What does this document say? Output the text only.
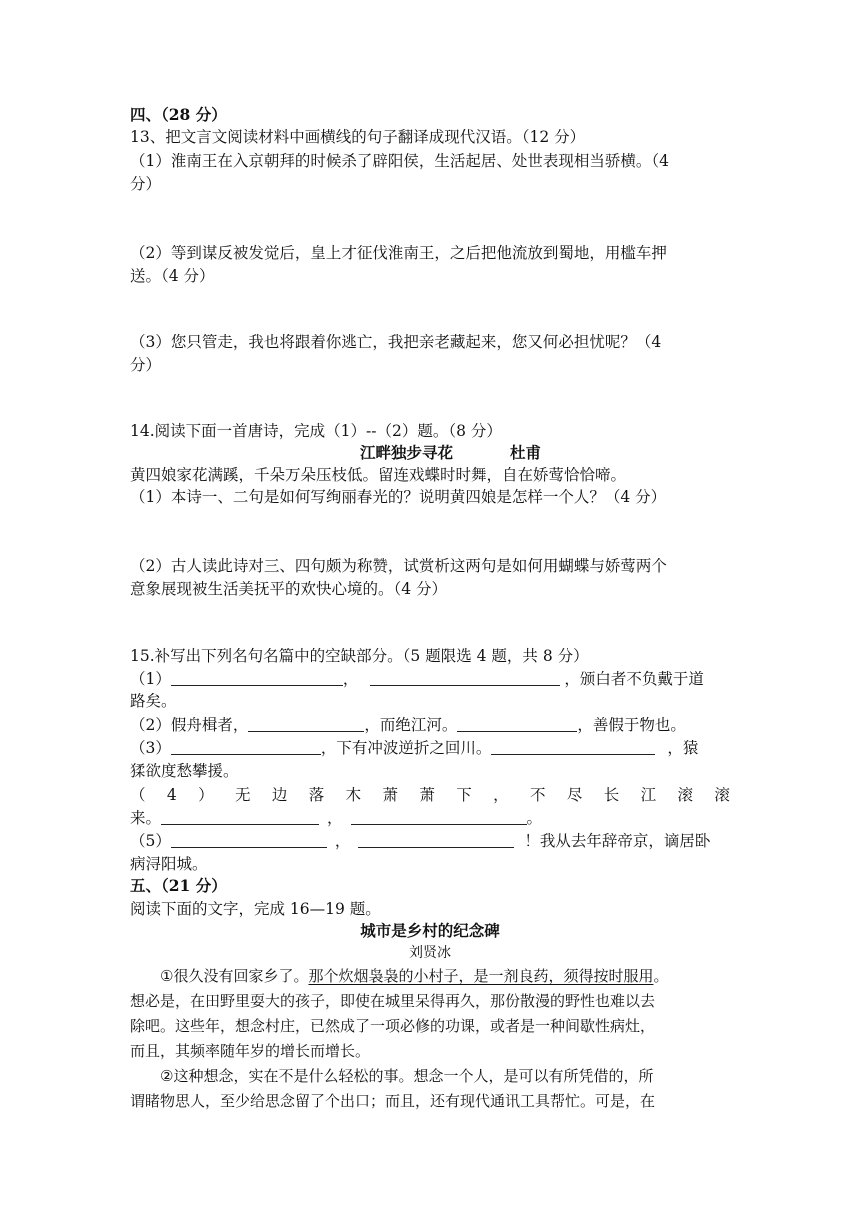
四、（28 分）
13、把文言文阅读材料中画横线的句子翻译成现代汉语。（12 分）
（1）淮南王在入京朝拜的时候杀了辟阳侯，生活起居、处世表现相当骄横。（4
分）
（2）等到谋反被发觉后，皇上才征伐淮南王，之后把他流放到蜀地，用槛车押
送。（4 分）
（3）您只管走，我也将跟着你逃亡，我把亲老藏起来，您又何必担忧呢？（4
分）
14.阅读下面一首唐诗，完成（1）--（2）题。（8 分）
江畔独步寻花	杜甫
黄四娘家花满蹊，千朵万朵压枝低。留连戏蝶时时舞，自在娇莺恰恰啼。
（1）本诗一、二句是如何写绚丽春光的？说明黄四娘是怎样一个人？（4 分）
（2）古人读此诗对三、四句颇为称赞，试赏析这两句是如何用蝴蝶与娇莺两个
意象展现被生活美抚平的欢快心境的。（4 分）
15.补写出下列名句名篇中的空缺部分。（5 题限选 4 题，共 8 分）
（1）	，	，颁白者不负戴于道
路矣。
（2）假舟楫者，	，而绝江河。	，善假于物也。
（3）	，下有冲波逆折之回川。	，猿
猱欲度愁攀援。
（ 4 ） 无 边 落 木 萧 萧 下 ， 不 尽 长 江 滚 滚
来。	，	。
（5）	，	！我从去年辞帝京，谪居卧
病浔阳城。
五、（21 分）
阅读下面的文字，完成 16—19 题。
城市是乡村的纪念碑
刘贤冰
①很久没有回家乡了。那个炊烟袅袅的小村子，是一剂良药，须得按时服用。
想必是，在田野里耍大的孩子，即使在城里呆得再久，那份散漫的野性也难以去
除吧。这些年，想念村庄，已然成了一项必修的功课，或者是一种间歇性病灶，
而且，其频率随年岁的增长而增长。
②这种想念，实在不是什么轻松的事。想念一个人，是可以有所凭借的，所
谓睹物思人，至少给思念留了个出口；而且，还有现代通讯工具帮忙。可是，在
